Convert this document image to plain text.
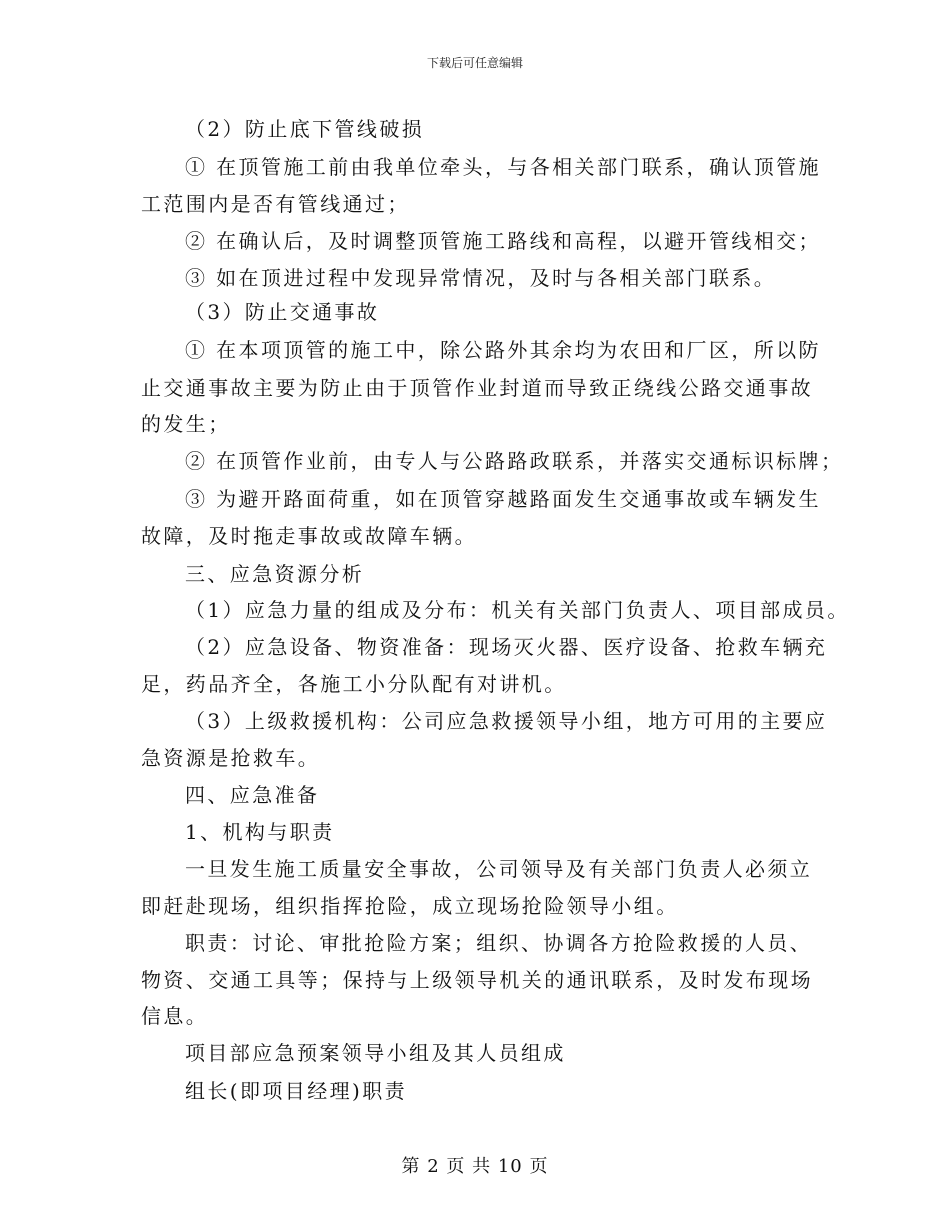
下载后可任意编辑
（2）防止底下管线破损
① 在顶管施工前由我单位牵头，与各相关部门联系，确认顶管施
工范围内是否有管线通过；
② 在确认后，及时调整顶管施工路线和高程，以避开管线相交；
③ 如在顶进过程中发现异常情况，及时与各相关部门联系。
（3）防止交通事故
① 在本项顶管的施工中，除公路外其余均为农田和厂区，所以防
止交通事故主要为防止由于顶管作业封道而导致正绕线公路交通事故
的发生；
② 在顶管作业前，由专人与公路路政联系，并落实交通标识标牌；
③ 为避开路面荷重，如在顶管穿越路面发生交通事故或车辆发生
故障，及时拖走事故或故障车辆。
三、应急资源分析
（1）应急力量的组成及分布：机关有关部门负责人、项目部成员。
（2）应急设备、物资准备：现场灭火器、医疗设备、抢救车辆充
足，药品齐全，各施工小分队配有对讲机。
（3）上级救援机构：公司应急救援领导小组，地方可用的主要应
急资源是抢救车。
四、应急准备
1、机构与职责
一旦发生施工质量安全事故，公司领导及有关部门负责人必须立
即赶赴现场，组织指挥抢险，成立现场抢险领导小组。
职责：讨论、审批抢险方案；组织、协调各方抢险救援的人员、
物资、交通工具等；保持与上级领导机关的通讯联系，及时发布现场
信息。
项目部应急预案领导小组及其人员组成
组长(即项目经理)职责
第 2 页 共 10 页
